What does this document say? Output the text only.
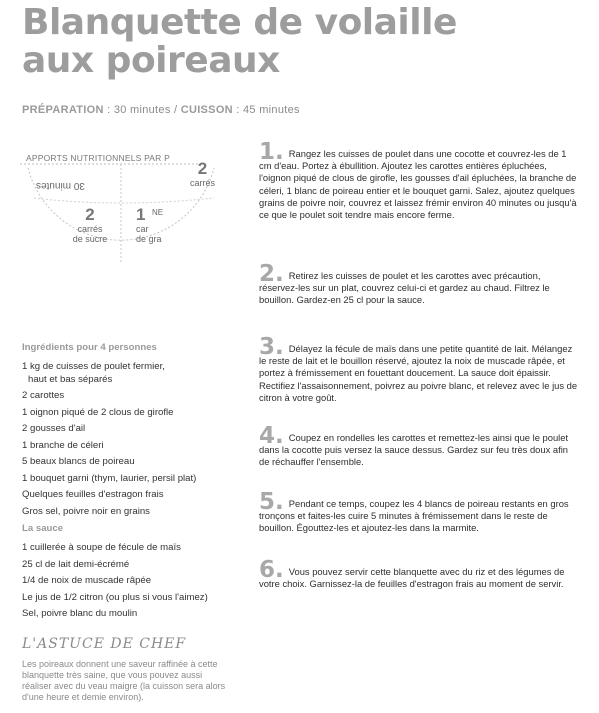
Blanquette de volaille
aux poireaux
PRÉPARATION : 30 minutes / CUISSON : 45 minutes
APPORTS NUTRITIONNELS PAR P
30 minutes
2
carrés
2
carrés
de sucre
1
car
de gra
NE
Ingrédients pour 4 personnes
1 kg de cuisses de poulet fermier,
haut et bas séparés
2 carottes
1 oignon piqué de 2 clous de girofle
2 gousses d'ail
1 branche de céleri
5 beaux blancs de poireau
1 bouquet garni (thym, laurier, persil plat)
Quelques feuilles d'estragon frais
Gros sel, poivre noir en grains
La sauce
1 cuillerée à soupe de fécule de maïs
25 cl de lait demi-écrémé
1/4 de noix de muscade râpée
Le jus de 1/2 citron (ou plus si vous l'aimez)
Sel, poivre blanc du moulin
L'ASTUCE DE CHEF
Les poireaux donnent une saveur raffinée à cette blanquette très saine, que vous pouvez aussi réaliser avec du veau maigre (la cuisson sera alors d'une heure et demie environ).

1. Rangez les cuisses de poulet dans une cocotte et couvrez-les de 1 cm d'eau. Portez à ébullition. Ajoutez les carottes entières épluchées, l'oignon piqué de clous de girofle, les gousses d'ail épluchées, la branche de céleri, 1 blanc de poireau entier et le bouquet garni. Salez, ajoutez quelques grains de poivre noir, couvrez et laissez frémir environ 40 minutes ou jusqu'à ce que le poulet soit tendre mais encore ferme.

2. Retirez les cuisses de poulet et les carottes avec précaution, réservez-les sur un plat, couvrez celui-ci et gardez au chaud. Filtrez le bouillon. Gardez-en 25 cl pour la sauce.

3. Délayez la fécule de maïs dans une petite quantité de lait. Mélangez le reste de lait et le bouillon réservé, ajoutez la noix de muscade râpée, et portez à frémissement en fouettant doucement. La sauce doit épaissir. Rectifiez l'assaisonnement, poivrez au poivre blanc, et relevez avec le jus de citron à votre goût.

4. Coupez en rondelles les carottes et remettez-les ainsi que le poulet dans la cocotte puis versez la sauce dessus. Gardez sur feu très doux afin de réchauffer l'ensemble.

5. Pendant ce temps, coupez les 4 blancs de poireau restants en gros tronçons et faites-les cuire 5 minutes à frémissement dans le reste de bouillon. Égouttez-les et ajoutez-les dans la marmite.

6. Vous pouvez servir cette blanquette avec du riz et des légumes de votre choix. Garnissez-la de feuilles d'estragon frais au moment de servir.
